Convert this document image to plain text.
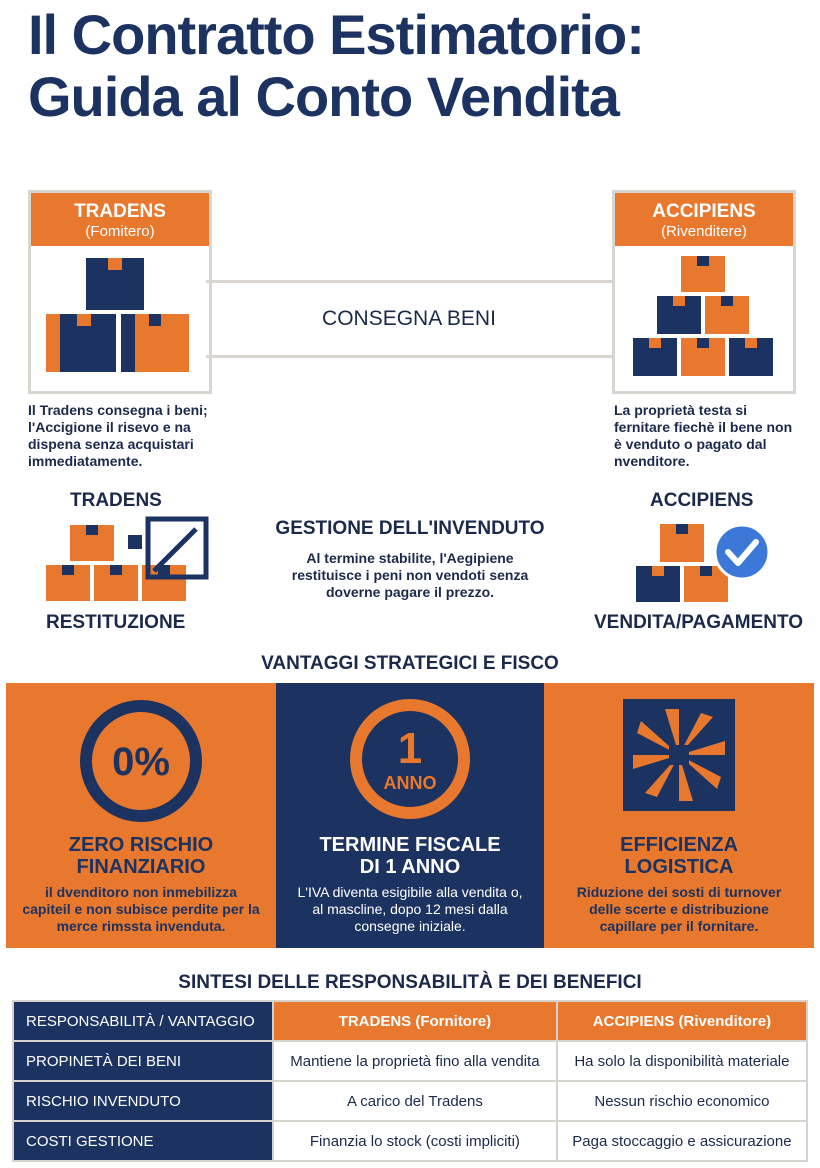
Il Contratto Estimatorio:
Guida al Conto Vendita
TRADENS
(Fomitero)
ACCIPIENS
(Rivenditere)
CONSEGNA BENI
Il Tradens consegna i beni; l'Accigione il risevo e na dispena senza acquistari immediatamente.
La proprietà testa si fernitare fiechè il bene non è venduto o pagato dal nvenditore.
TRADENS
RESTITUZIONE
GESTIONE DELL'INVENDUTO
Al termine stabilite, l'Aegipiene restituisce i peni non vendoti senza doverne pagare il prezzo.
ACCIPIENS
VENDITA/PAGAMENTO
VANTAGGI STRATEGICI E FISCO
0%
ZERO RISCHIO FINANZIARIO
il dvenditoro non inmebilizza capiteil e non subisce perdite per la merce rimssta invenduta.
1
ANNO
TERMINE FISCALE DI 1 ANNO
L'IVA diventa esigibile alla vendita o, al mascline, dopo 12 mesi dalla consegne iniziale.
EFFICIENZA LOGISTICA
Riduzione dei sosti di turnover delle scerte e distribuzione capillare per il fornitare.
SINTESI DELLE RESPONSABILITÀ E DEI BENEFICI
RESPONSABILITÀ / VANTAGGIO	TRADENS (Fornitore)	ACCIPIENS (Rivenditore)
PROPINETÀ DEI BENI	Mantiene la proprietà fino alla vendita	Ha solo la disponibilità materiale
RISCHIO INVENDUTO	A carico del Tradens	Nessun rischio economico
COSTI GESTIONE	Finanzia lo stock (costi impliciti)	Paga stoccaggio e assicurazione
